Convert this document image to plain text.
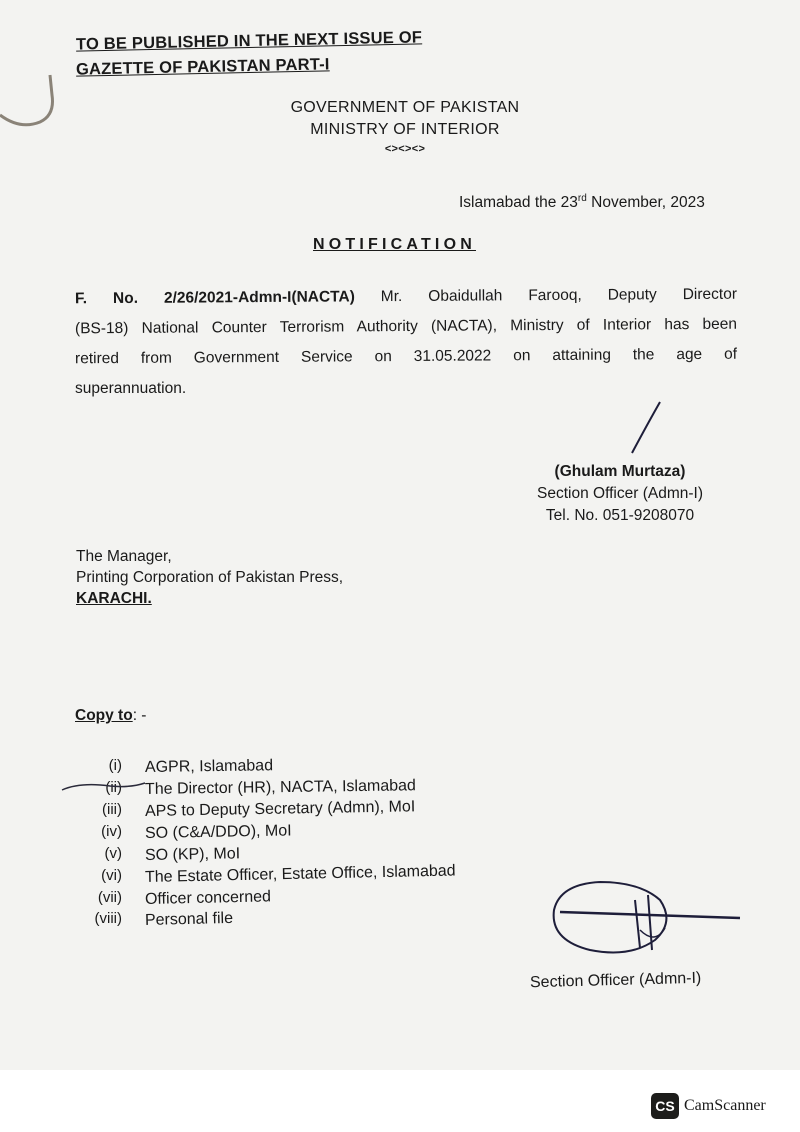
TO BE PUBLISHED IN THE NEXT ISSUE OF
GAZETTE OF PAKISTAN PART-I
GOVERNMENT OF PAKISTAN
MINISTRY OF INTERIOR
<><><>
Islamabad the 23rd November, 2023
NOTIFICATION
F. No. 2/26/2021-Admn-I(NACTA) Mr. Obaidullah Farooq, Deputy Director
(BS-18) National Counter Terrorism Authority (NACTA), Ministry of Interior has been
retired from Government Service on 31.05.2022 on attaining the age of
superannuation.
(Ghulam Murtaza)
Section Officer (Admn-I)
Tel. No. 051-9208070
The Manager,
Printing Corporation of Pakistan Press,
KARACHI.
Copy to: -
(i) AGPR, Islamabad
(ii) The Director (HR), NACTA, Islamabad
(iii) APS to Deputy Secretary (Admn), MoI
(iv) SO (C&A/DDO), MoI
(v) SO (KP), MoI
(vi) The Estate Officer, Estate Office, Islamabad
(vii) Officer concerned
(viii) Personal file
Section Officer (Admn-I)
CS CamScanner
